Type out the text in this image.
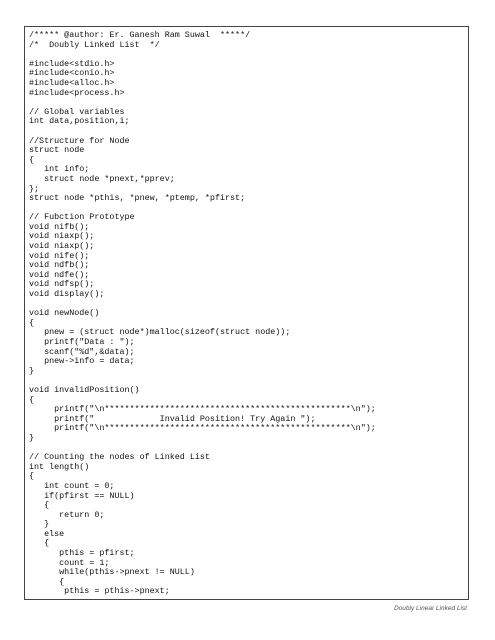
/***** @author: Er. Ganesh Ram Suwal  *****/
/*  Doubly Linked List  */
#include<stdio.h>
#include<conio.h>
#include<alloc.h>
#include<process.h>
// Global variables
int data,position,i;
//Structure for Node
struct node
{
int info;
struct node *pnext,*pprev;
};
struct node *pthis, *pnew, *ptemp, *pfirst;
// Fubction Prototype
void nifb();
void niaxp();
void niaxp();
void nife();
void ndfb();
void ndfe();
void ndfsp();
void display();
void newNode()
{
pnew = (struct node*)malloc(sizeof(struct node));
printf("Data : ");
scanf("%d",&data);
pnew->info = data;
}
void invalidPosition()
{
printf("\n*************************************************\n");
printf("             Invalid Position! Try Again ");
printf("\n*************************************************\n");
}
// Counting the nodes of Linked List
int length()
{
int count = 0;
if(pfirst == NULL)
{
return 0;
}
else
{
pthis = pfirst;
count = 1;
while(pthis->pnext != NULL)
{
pthis = pthis->pnext;
Doubly Linear Linked List
